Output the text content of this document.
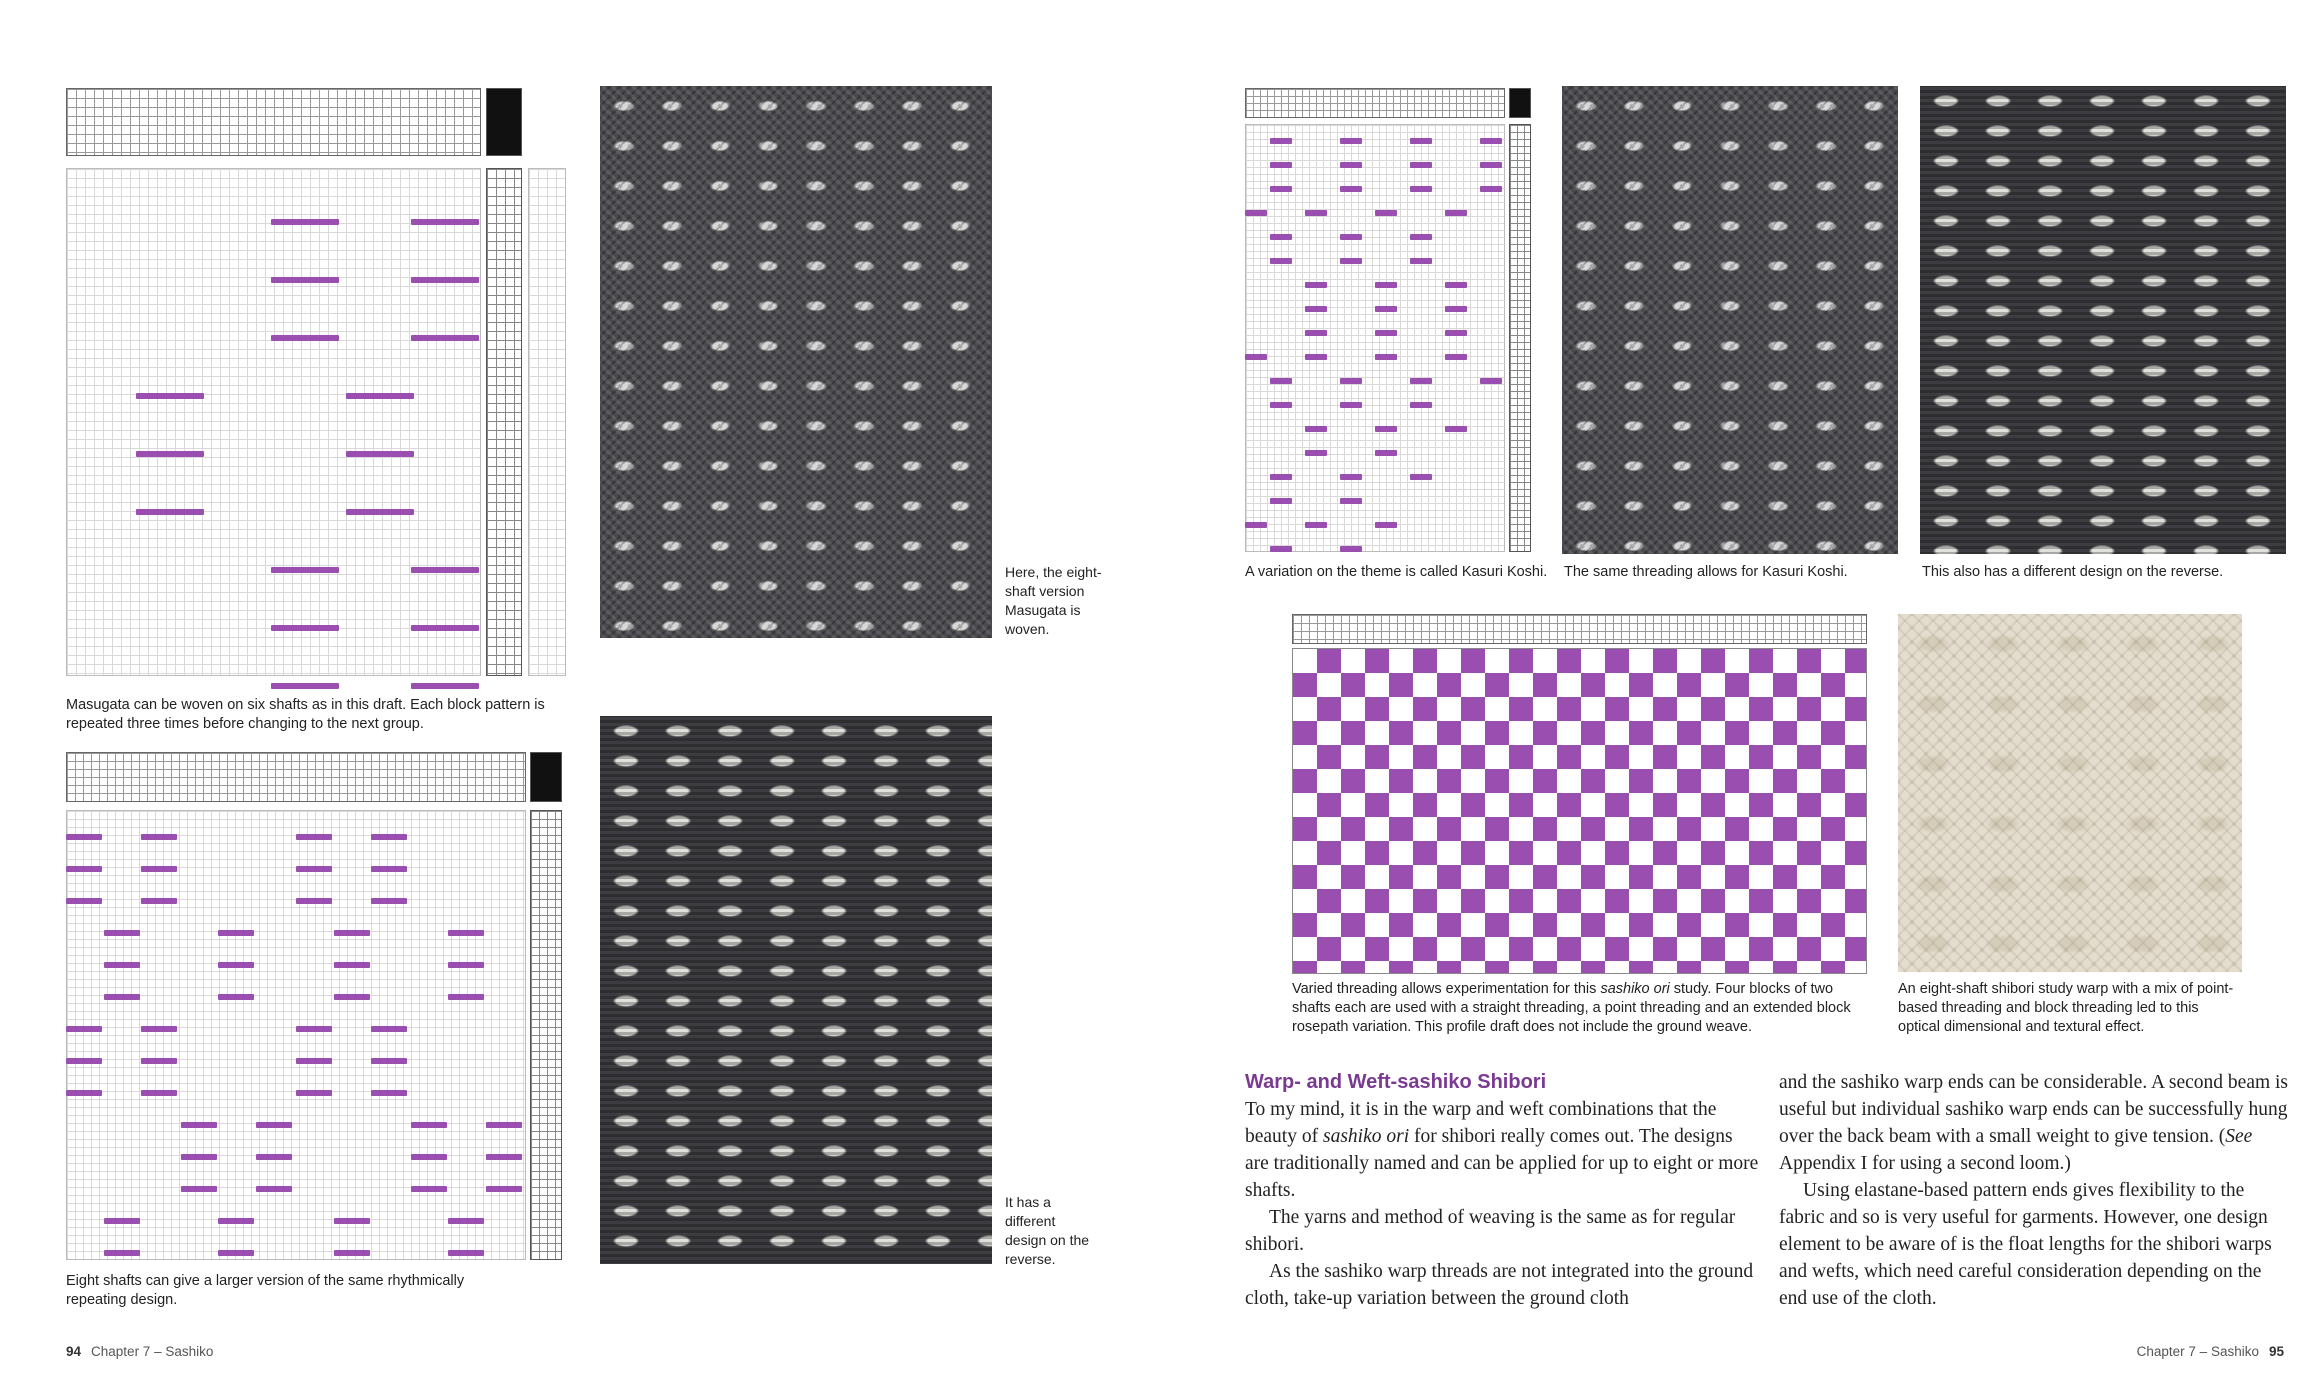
Here, the eight-shaft version Masugata is woven.
Masugata can be woven on six shafts as in this draft. Each block pattern is repeated three times before changing to the next group.
It has a different design on the reverse.
Eight shafts can give a larger version of the same rhythmically repeating design.
94 Chapter 7 – Sashiko
A variation on the theme is called Kasuri Koshi.	The same threading allows for Kasuri Koshi.	This also has a different design on the reverse.
Varied threading allows experimentation for this sashiko ori study. Four blocks of two shafts each are used with a straight threading, a point threading and an extended block rosepath variation. This profile draft does not include the ground weave.
An eight-shaft shibori study warp with a mix of point-based threading and block threading led to this optical dimensional and textural effect.
Warp- and Weft-sashiko Shibori

To my mind, it is in the warp and weft combinations that the beauty of sashiko ori for shibori really comes out. The designs are traditionally named and can be applied for up to eight or more shafts.

The yarns and method of weaving is the same as for regular shibori.

As the sashiko warp threads are not integrated into the ground cloth, take-up variation between the ground cloth

and the sashiko warp ends can be considerable. A second beam is useful but individual sashiko warp ends can be successfully hung over the back beam with a small weight to give tension. (See Appendix I for using a second loom.)

Using elastane-based pattern ends gives flexibility to the fabric and so is very useful for garments. However, one design element to be aware of is the float lengths for the shibori warps and wefts, which need careful consideration depending on the end use of the cloth.

Chapter 7 – Sashiko 95
